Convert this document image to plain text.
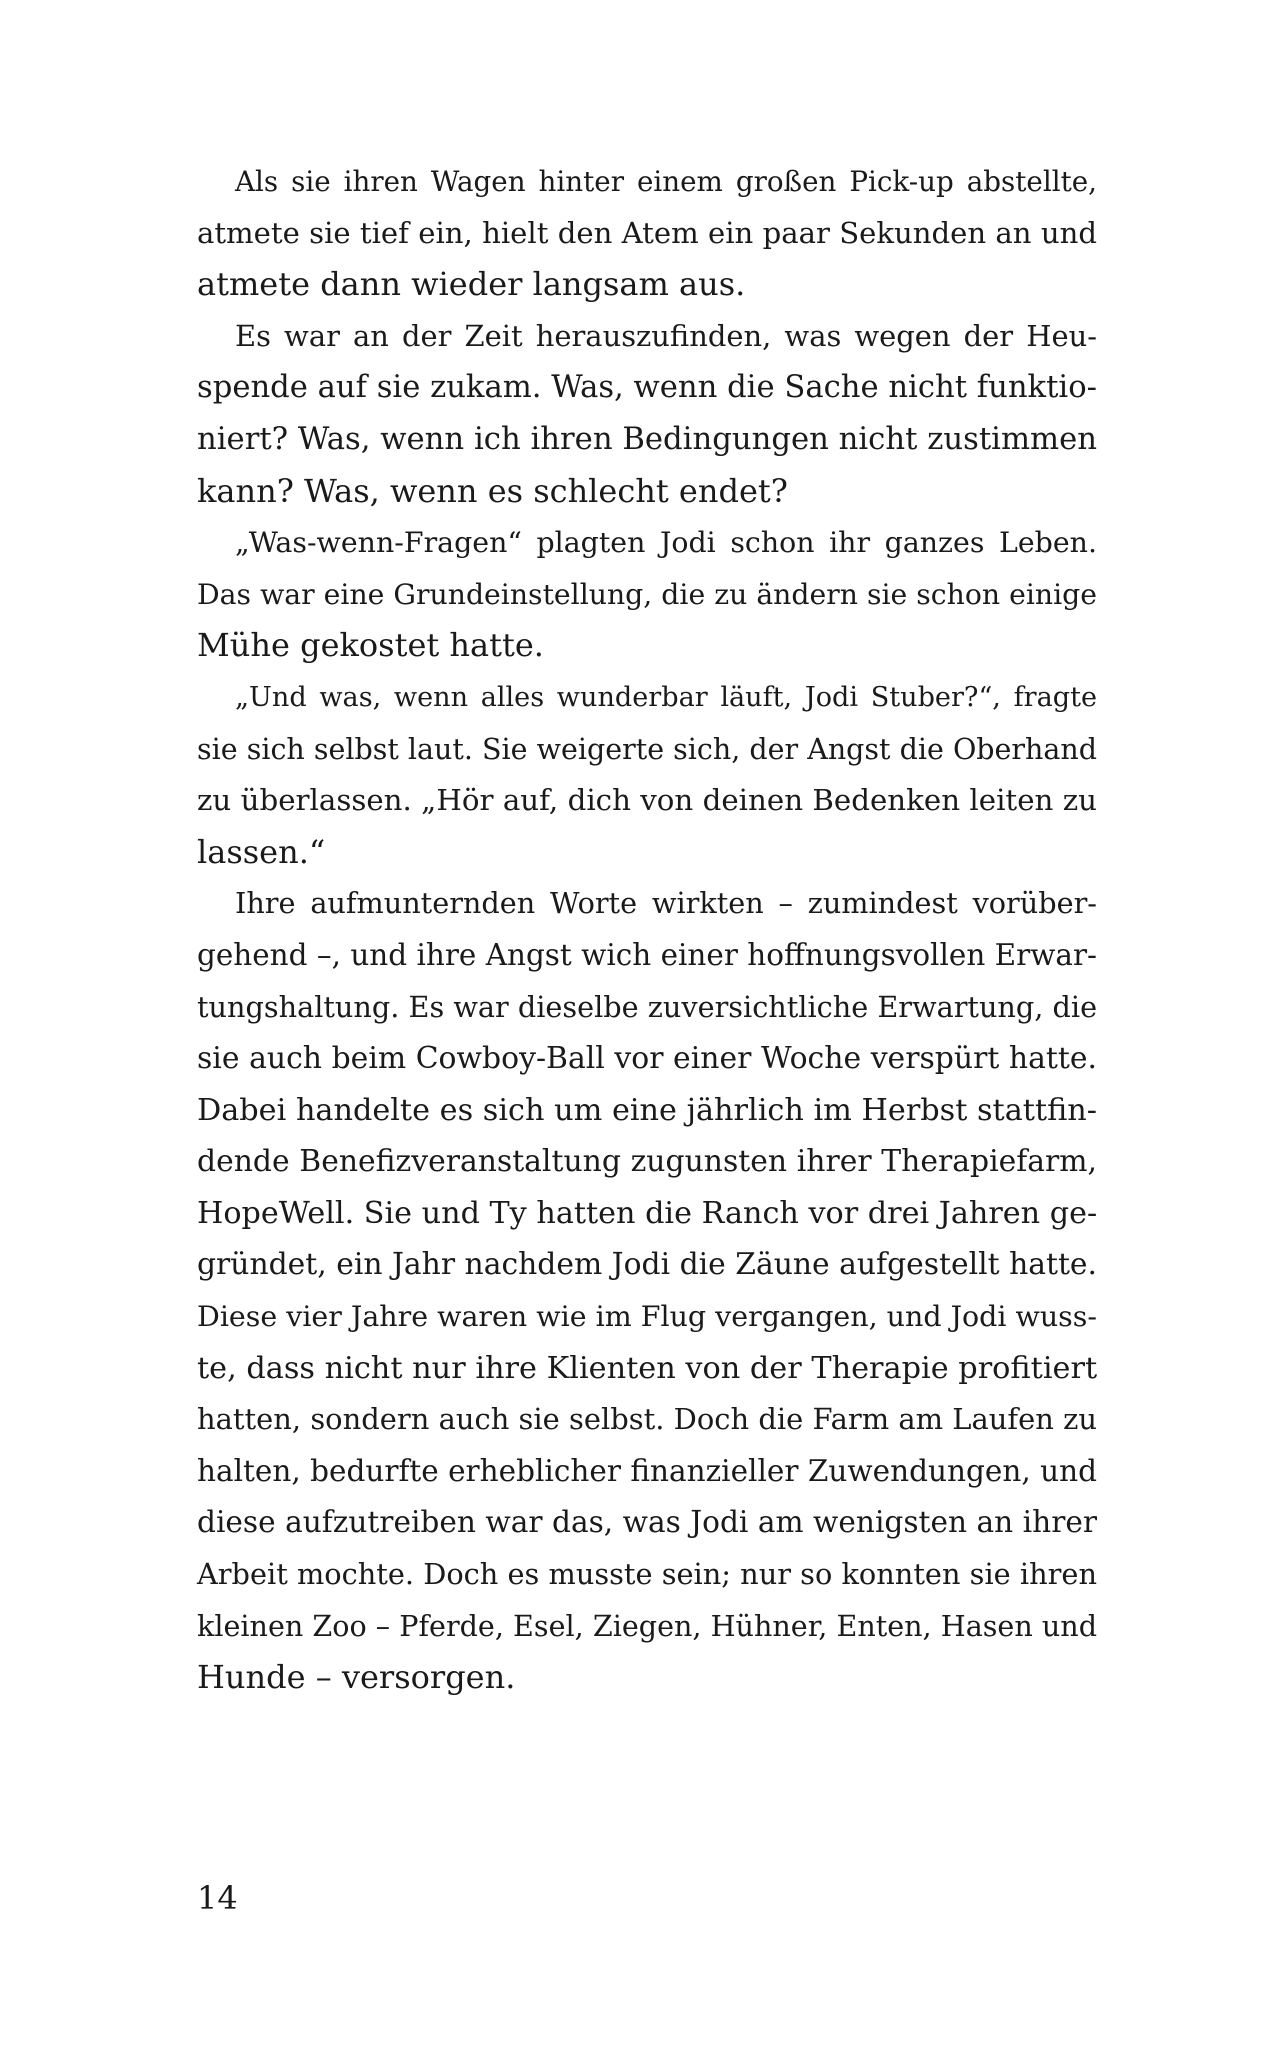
Als sie ihren Wagen hinter einem großen Pick-up abstellte,
atmete sie tief ein, hielt den Atem ein paar Sekunden an und
atmete dann wieder langsam aus.
Es war an der Zeit herauszufinden, was wegen der Heu-
spende auf sie zukam. Was, wenn die Sache nicht funktio-
niert? Was, wenn ich ihren Bedingungen nicht zustimmen
kann? Was, wenn es schlecht endet?
„Was-wenn-Fragen“ plagten Jodi schon ihr ganzes Leben.
Das war eine Grundeinstellung, die zu ändern sie schon einige
Mühe gekostet hatte.
„Und was, wenn alles wunderbar läuft, Jodi Stuber?“, fragte
sie sich selbst laut. Sie weigerte sich, der Angst die Oberhand
zu überlassen. „Hör auf, dich von deinen Bedenken leiten zu
lassen.“
Ihre aufmunternden Worte wirkten – zumindest vorüber-
gehend –, und ihre Angst wich einer hoffnungsvollen Erwar-
tungshaltung. Es war dieselbe zuversichtliche Erwartung, die
sie auch beim Cowboy-Ball vor einer Woche verspürt hatte.
Dabei handelte es sich um eine jährlich im Herbst stattfin-
dende Benefizveranstaltung zugunsten ihrer Therapiefarm,
HopeWell. Sie und Ty hatten die Ranch vor drei Jahren ge-
gründet, ein Jahr nachdem Jodi die Zäune aufgestellt hatte.
Diese vier Jahre waren wie im Flug vergangen, und Jodi wuss-
te, dass nicht nur ihre Klienten von der Therapie profitiert
hatten, sondern auch sie selbst. Doch die Farm am Laufen zu
halten, bedurfte erheblicher finanzieller Zuwendungen, und
diese aufzutreiben war das, was Jodi am wenigsten an ihrer
Arbeit mochte. Doch es musste sein; nur so konnten sie ihren
kleinen Zoo – Pferde, Esel, Ziegen, Hühner, Enten, Hasen und
Hunde – versorgen.
14
